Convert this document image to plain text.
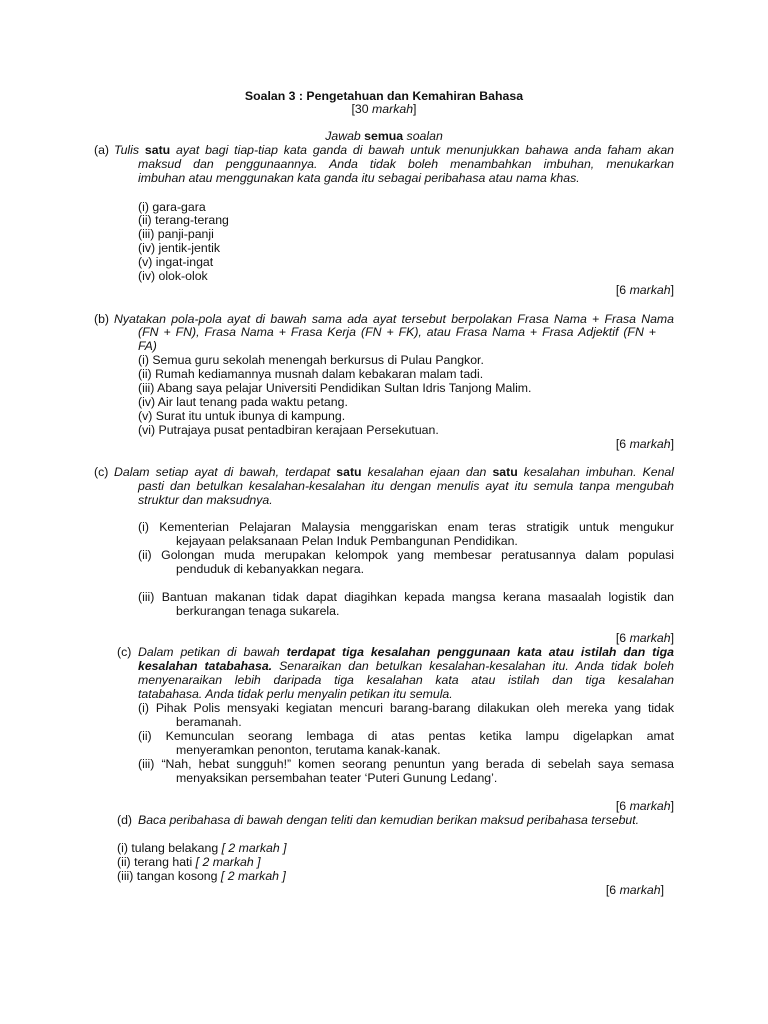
Soalan 3 : Pengetahuan dan Kemahiran Bahasa
[30 markah]
Jawab semua soalan
(a) Tulis satu ayat bagi tiap-tiap kata ganda di bawah untuk menunjukkan bahawa anda faham akan
maksud dan penggunaannya. Anda tidak boleh menambahkan imbuhan, menukarkan
imbuhan atau menggunakan kata ganda itu sebagai peribahasa atau nama khas.
(i) gara-gara
(ii) terang-terang
(iii) panji-panji
(iv) jentik-jentik
(v) ingat-ingat
(iv) olok-olok
[6 markah]
(b) Nyatakan pola-pola ayat di bawah sama ada ayat tersebut berpolakan Frasa Nama + Frasa Nama
(FN + FN), Frasa Nama + Frasa Kerja (FN + FK), atau Frasa Nama + Frasa Adjektif (FN +
FA)
(i) Semua guru sekolah menengah berkursus di Pulau Pangkor.
(ii) Rumah kediamannya musnah dalam kebakaran malam tadi.
(iii) Abang saya pelajar Universiti Pendidikan Sultan Idris Tanjong Malim.
(iv) Air laut tenang pada waktu petang.
(v) Surat itu untuk ibunya di kampung.
(vi) Putrajaya pusat pentadbiran kerajaan Persekutuan.
[6 markah]
(c) Dalam setiap ayat di bawah, terdapat satu kesalahan ejaan dan satu kesalahan imbuhan. Kenal
pasti dan betulkan kesalahan-kesalahan itu dengan menulis ayat itu semula tanpa mengubah
struktur dan maksudnya.
(i) Kementerian Pelajaran Malaysia menggariskan enam teras stratigik untuk mengukur
kejayaan pelaksanaan Pelan Induk Pembangunan Pendidikan.
(ii) Golongan muda merupakan kelompok yang membesar peratusannya dalam populasi
penduduk di kebanyakkan negara.
(iii) Bantuan makanan tidak dapat diagihkan kepada mangsa kerana masaalah logistik dan
berkurangan tenaga sukarela.
[6 markah]
(c) Dalam petikan di bawah terdapat tiga kesalahan penggunaan kata atau istilah dan tiga
kesalahan tatabahasa. Senaraikan dan betulkan kesalahan-kesalahan itu. Anda tidak boleh
menyenaraikan lebih daripada tiga kesalahan kata atau istilah dan tiga kesalahan
tatabahasa. Anda tidak perlu menyalin petikan itu semula.
(i) Pihak Polis mensyaki kegiatan mencuri barang-barang dilakukan oleh mereka yang tidak
beramanah.
(ii) Kemunculan seorang lembaga di atas pentas ketika lampu digelapkan amat
menyeramkan penonton, terutama kanak-kanak.
(iii) “Nah, hebat sungguh!” komen seorang penuntun yang berada di sebelah saya semasa
menyaksikan persembahan teater ‘Puteri Gunung Ledang’.
[6 markah]
(d) Baca peribahasa di bawah dengan teliti dan kemudian berikan maksud peribahasa tersebut.
(i) tulang belakang [ 2 markah ]
(ii) terang hati [ 2 markah ]
(iii) tangan kosong [ 2 markah ]
[6 markah]
